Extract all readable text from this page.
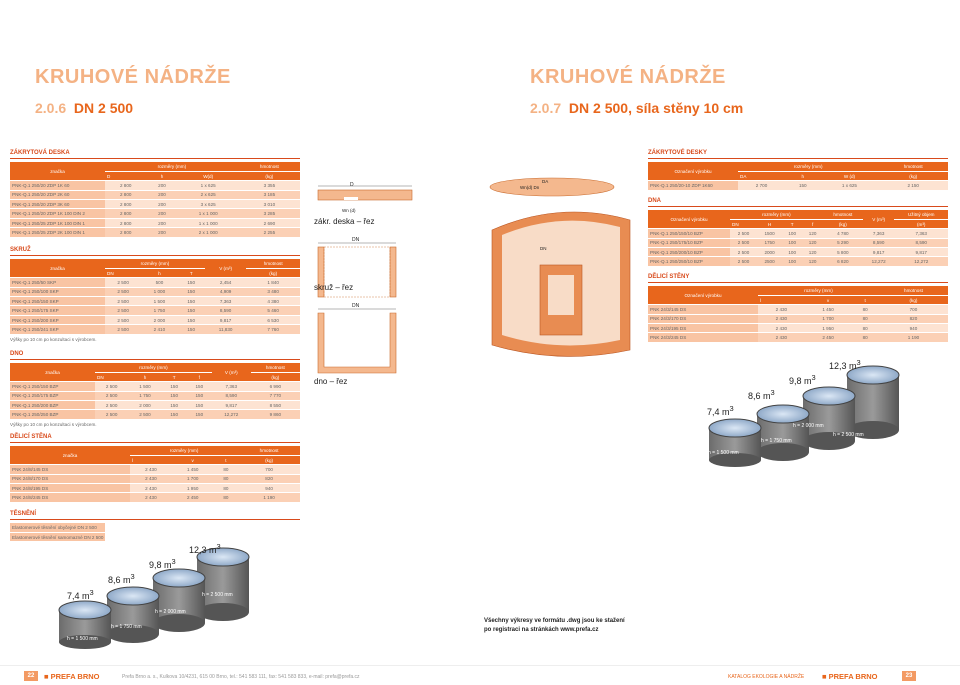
KRUHOVÉ NÁDRŽE
2.0.6 DN 2 500
KRUHOVÉ NÁDRŽE
2.0.7 DN 2 500, síla stěny 10 cm
ZÁKRYTOVÁ DESKA
značka	rozměry (mm)			hmotnost
	D	h	W(d)	(kg)
PNK-Q.1 250/20 ZDP 1K 60	2 800	200	1 x 625	3 355
PNK-Q.1 250/20 ZDP 2K 60	2 800	200	2 x 625	3 185
PNK-Q.1 250/20 ZDP 3K 60	2 800	200	3 x 625	3 010
PNK-Q.1 250/20 ZDP 1K 100 DIN 2	2 800	200	1 x 1 000	3 285
PNK-Q.1 250/25 ZDP 1K 100 DIN 1	2 800	200	1 x 1 000	2 690
PNK-Q.1 250/25 ZDP 2K 100 DIN 1	2 800	200	2 x 1 000	2 255
SKRUŽ
značka	rozměry (mm)			V (m³)	hmotnost
	DN	h	T		(kg)
PNK-Q.1 250/50 SKP	2 500	500	150	2,454	1 840
PNK-Q.1 250/100 SKP	2 500	1 000	150	4,909	3 480
PNK-Q.1 250/150 SKP	2 500	1 500	150	7,363	4 380
PNK-Q.1 250/175 SKP	2 500	1 750	150	8,590	5 460
PNK-Q.1 250/200 SKP	2 500	2 000	150	9,817	6 530
PNK-Q.1 250/241 SKP	2 500	2 410	150	11,830	7 760
Výšky po 10 cm po konzultaci s výrobcem.
DNO
značka	rozměry (mm)				V (m³)	hmotnost
	DN	h	T	f		(kg)
PNK-Q.1 250/150 BZP	2 500	1 500	150	150	7,363	6 990
PNK-Q.1 250/175 BZP	2 500	1 750	150	150	8,590	7 770
PNK-Q.1 250/200 BZP	2 500	2 000	150	150	9,817	8 550
PNK-Q.1 250/250 BZP	2 500	2 500	150	150	12,272	9 860
Výšky po 10 cm po konzultaci s výrobcem.
DĚLICÍ STĚNA
značka	rozměry (mm)			hmotnost
	l	v	t	(kg)
PNK 24/8/145 DS	2 430	1 450	80	700
PNK 24/8/170 DS	2 430	1 700	80	820
PNK 24/8/195 DS	2 430	1 950	80	940
PNK 24/8/245 DS	2 430	2 450	80	1 190
TĚSNĚNÍ
Elastomerové těsnění obyčejné DN 2 500
Elastomerové těsnění samomazné DN 2 500
7,4 $m^3$
h = 1 500 mm
8,6 $m^3$
h = 1 750 mm
9,8 $m^3$
h = 2 000 mm
12,3 $m^3$
h = 2 500 mm
D
Wn (d)
zákr. deska – řez
DN
skruž – řez
DN
dno – řez
Wn(d) Dn
DA
DN
ZÁKRYTOVÉ DESKY
Označení výrobku	rozměry (mm)			hmotnost
	DA	h	W (d)	(kg)
PNK-Q.1 250/20-10 ZDP 1K60	2 700	150	1 x 625	2 150
DNA
Označení výrobku	rozměry (mm)				hmotnost	V (m³)	Užitný objem
	DN	H	T	f	(kg)		(m³)
PNK-Q.1 250/150/10 BZP	2 500	1500	100	120	4 780	7,363	7,363
PNK-Q.1 250/175/10 BZP	2 500	1750	100	120	5 290	8,590	8,590
PNK-Q.1 250/200/10 BZP	2 500	2000	100	120	5 800	9,817	9,817
PNK-Q.1 250/250/10 BZP	2 500	2500	100	120	6 820	12,272	12,272
DĚLICÍ STĚNY
Označení výrobku	rozměry (mm)			hmotnost
	l	v	t	(kg)
PNK 24/3/145 DS	2 430	1 450	80	700
PNK 24/3/170 DS	2 430	1 700	80	820
PNK 24/3/195 DS	2 430	1 950	80	940
PNK 24/3/245 DS	2 430	2 450	80	1 190
7,4 $m^3$
h = 1 500 mm
8,6 $m^3$
h = 1 750 mm
9,8 $m^3$
h = 2 000 mm
12,3 $m^3$
h = 2 500 mm
Všechny výkresy ve formátu .dwg jsou ke stažení
po registraci na stránkách www.prefa.cz
22	■ PREFA BRNO	Prefa Brno a. s., Kulkova 10/4231, 615 00 Brno, tel.: 541 583 111, fax: 541 583 833, e-mail: prefa@prefa.cz	KATALOG EKOLOGIE A NÁDRŽE ■ PREFA BRNO	23
